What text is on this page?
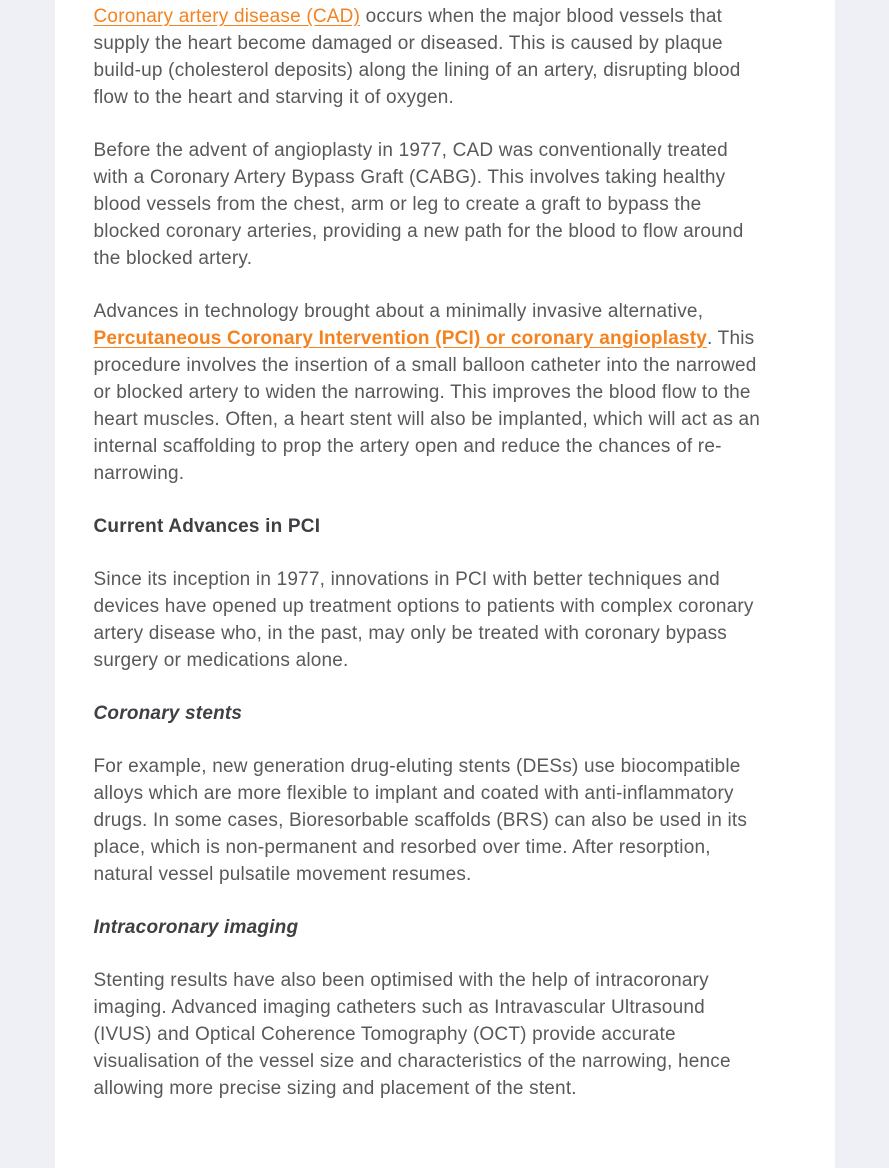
Coronary artery disease (CAD) occurs when the major blood vessels that supply the heart become damaged or diseased. This is caused by plaque build-up (cholesterol deposits) along the lining of an artery, disrupting blood flow to the heart and starving it of oxygen.

Before the advent of angioplasty in 1977, CAD was conventionally treated with a Coronary Artery Bypass Graft (CABG). This involves taking healthy blood vessels from the chest, arm or leg to create a graft to bypass the blocked coronary arteries, providing a new path for the blood to flow around the blocked artery.

Advances in technology brought about a minimally invasive alternative, Percutaneous Coronary Intervention (PCI) or coronary angioplasty. This procedure involves the insertion of a small balloon catheter into the narrowed or blocked artery to widen the narrowing. This improves the blood flow to the heart muscles. Often, a heart stent will also be implanted, which will act as an internal scaffolding to prop the artery open and reduce the chances of re-narrowing.

Current Advances in PCI

Since its inception in 1977, innovations in PCI with better techniques and devices have opened up treatment options to patients with complex coronary artery disease who, in the past, may only be treated with coronary bypass surgery or medications alone.

Coronary stents

For example, new generation drug-eluting stents (DESs) use biocompatible alloys which are more flexible to implant and coated with anti-inflammatory drugs. In some cases, Bioresorbable scaffolds (BRS) can also be used in its place, which is non-permanent and resorbed over time. After resorption, natural vessel pulsatile movement resumes.

Intracoronary imaging

Stenting results have also been optimised with the help of intracoronary imaging. Advanced imaging catheters such as Intravascular Ultrasound (IVUS) and Optical Coherence Tomography (OCT) provide accurate visualisation of the vessel size and characteristics of the narrowing, hence allowing more precise sizing and placement of the stent.
